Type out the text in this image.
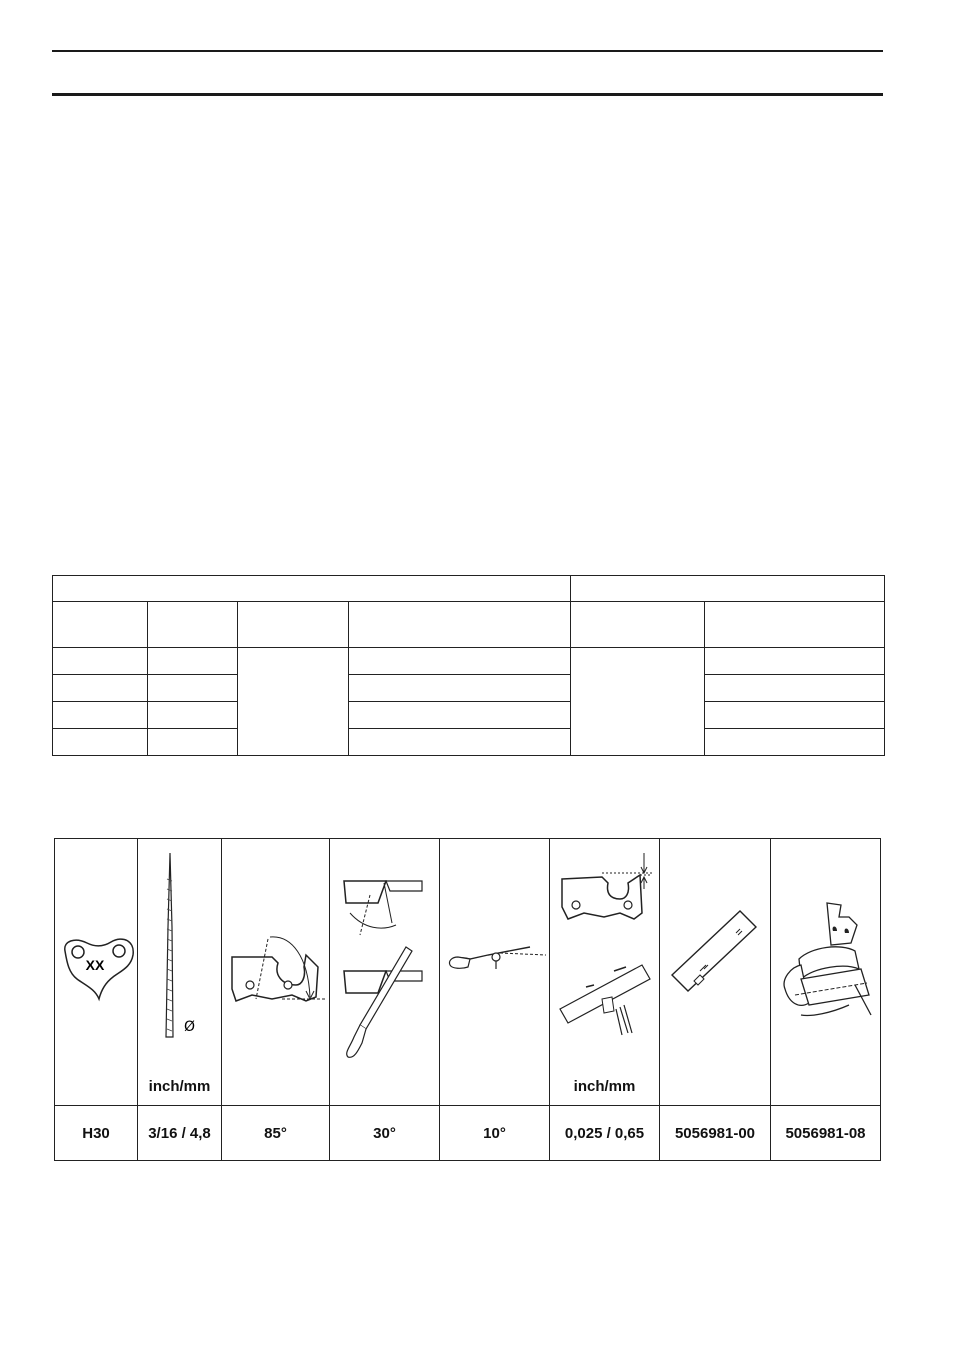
XX	Ø
inch/mm				inch/mm

H30	3/16 / 4,8	85°	30°	10°	0,025 / 0,65	5056981-00	5056981-08
